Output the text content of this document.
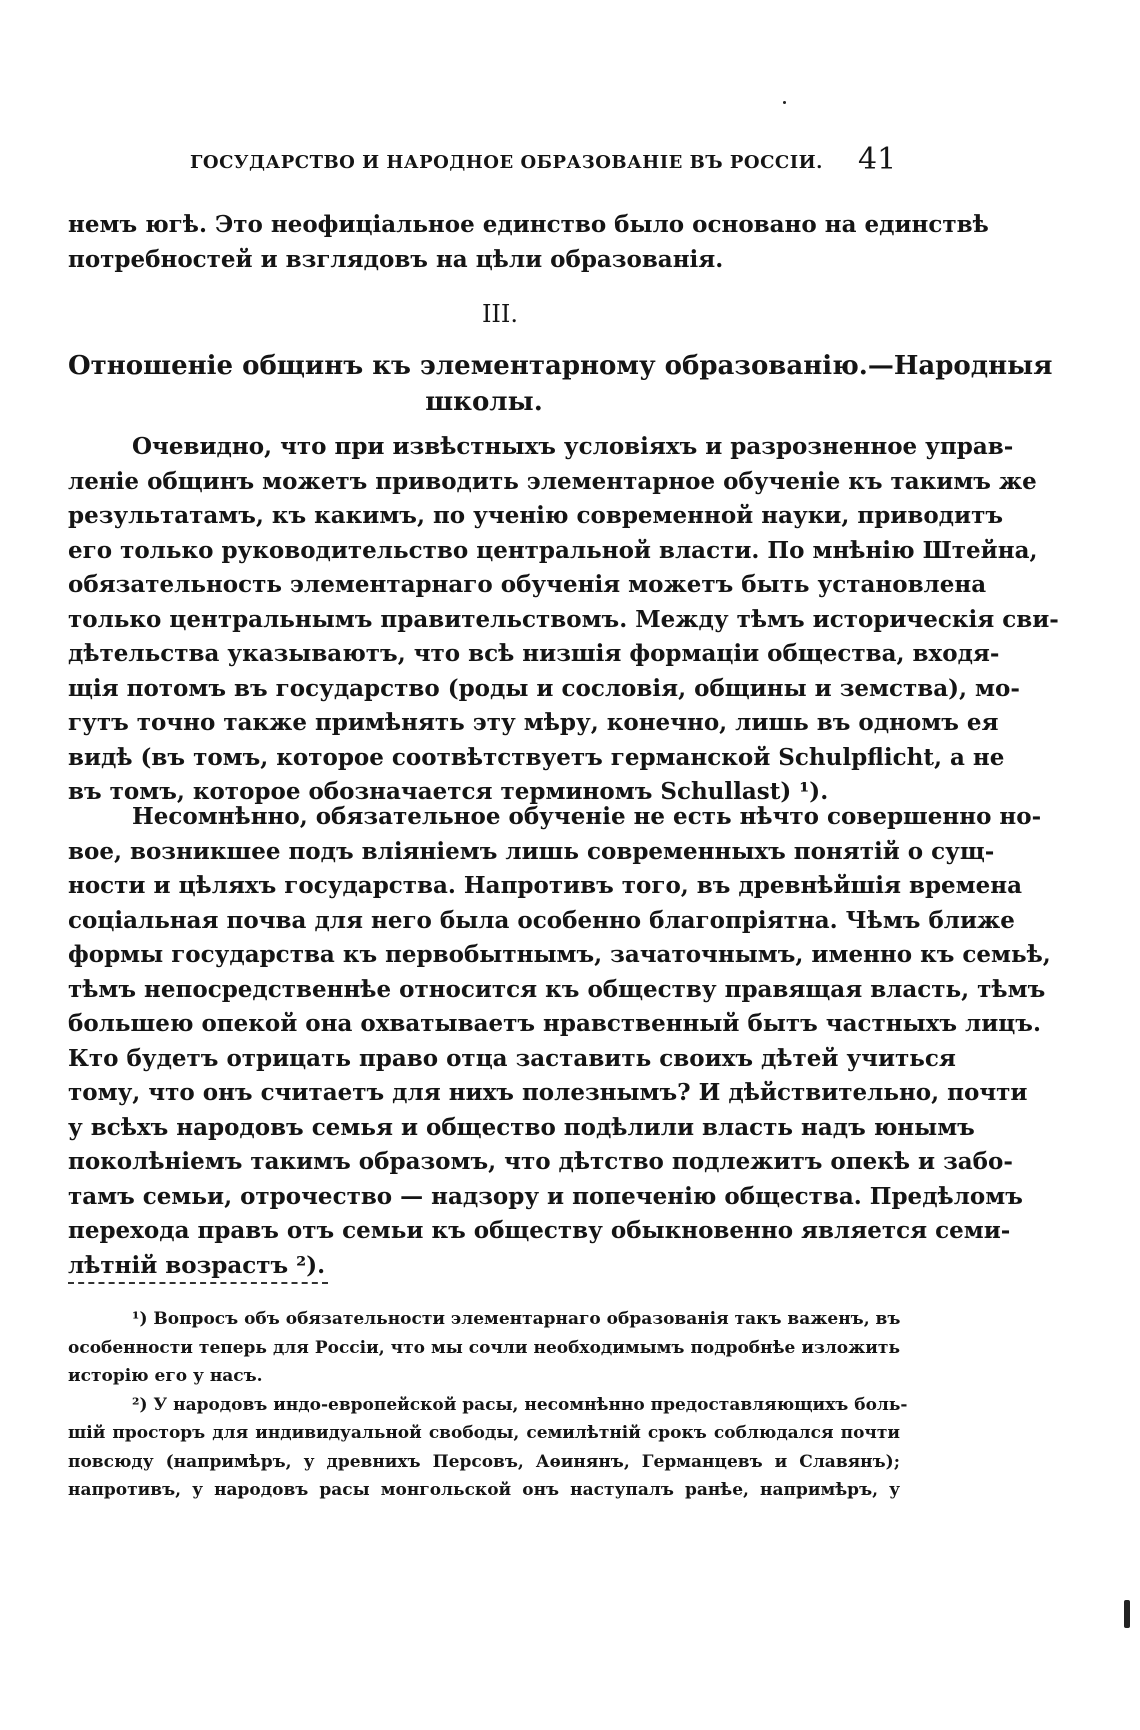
ГОСУДАРСТВО И НАРОДНОЕ ОБРАЗОВАНІЕ ВЪ РОССІИ. 41
немъ югѣ. Это неофиціальное единство было основано на единствѣ
потребностей и взглядовъ на цѣли образованія.
III.
Отношеніе общинъ къ элементарному образованію.—Народныя
школы.
Очевидно, что при извѣстныхъ условіяхъ и разрозненное управ-
леніе общинъ можетъ приводить элементарное обученіе къ такимъ же
результатамъ, къ какимъ, по ученію современной науки, приводитъ
его только руководительство центральной власти. По мнѣнію Штейна,
обязательность элементарнаго обученія можетъ быть установлена
только центральнымъ правительствомъ. Между тѣмъ историческія сви-
дѣтельства указываютъ, что всѣ низшія формаціи общества, входя-
щія потомъ въ государство (роды и сословія, общины и земства), мо-
гутъ точно также примѣнять эту мѣру, конечно, лишь въ одномъ ея
видѣ (въ томъ, которое соотвѣтствуетъ германской Schulpflicht, а не
въ томъ, которое обозначается терминомъ Schullast) ¹).
Несомнѣнно, обязательное обученіе не есть нѣчто совершенно но-
вое, возникшее подъ вліяніемъ лишь современныхъ понятій о сущ-
ности и цѣляхъ государства. Напротивъ того, въ древнѣйшія времена
соціальная почва для него была особенно благопріятна. Чѣмъ ближе
формы государства къ первобытнымъ, зачаточнымъ, именно къ семьѣ,
тѣмъ непосредственнѣе относится къ обществу правящая власть, тѣмъ
большею опекой она охватываетъ нравственный бытъ частныхъ лицъ.
Кто будетъ отрицать право отца заставить своихъ дѣтей учиться
тому, что онъ считаетъ для нихъ полезнымъ? И дѣйствительно, почти
у всѣхъ народовъ семья и общество подѣлили власть надъ юнымъ
поколѣніемъ такимъ образомъ, что дѣтство подлежитъ опекѣ и забо-
тамъ семьи, отрочество — надзору и попеченію общества. Предѣломъ
перехода правъ отъ семьи къ обществу обыкновенно является семи-
лѣтній возрастъ ²).
¹) Вопросъ объ обязательности элементарнаго образованія такъ важенъ, въ
особенности теперь для Россіи, что мы сочли необходимымъ подробнѣе изложить
исторію его у насъ.
²) У народовъ индо-европейской расы, несомнѣнно предоставляющихъ боль-
шій просторъ для индивидуальной свободы, семилѣтній срокъ соблюдался почти
повсюду (напримѣръ, у древнихъ Персовъ, Аѳинянъ, Германцевъ и Славянъ);
напротивъ, у народовъ расы монгольской онъ наступалъ ранѣе, напримѣръ, у
